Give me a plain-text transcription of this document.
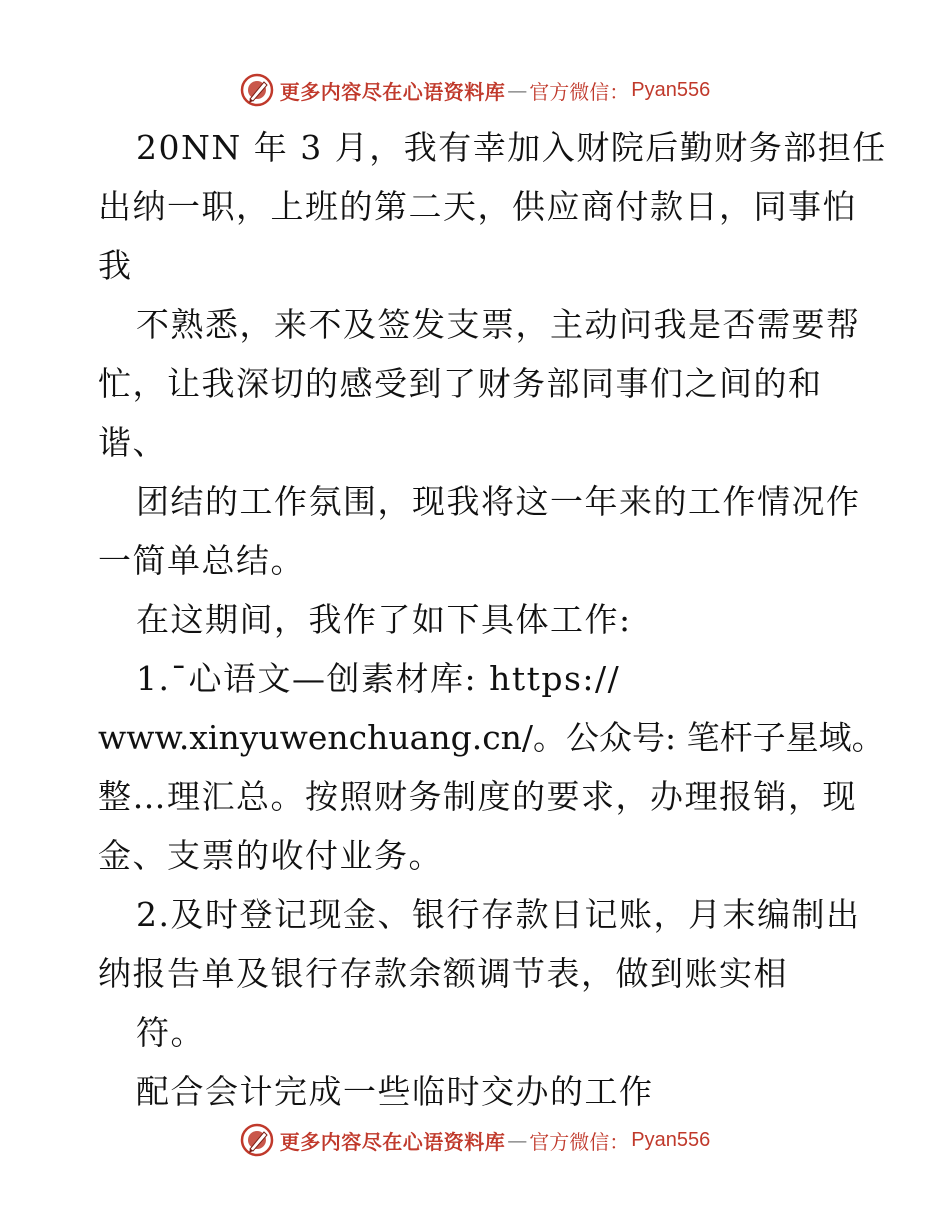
更多内容尽在心语资料库 — 官方微信： Pyan556
20NN 年 3 月，我有幸加入财院后勤财务部担任
出纳一职，上班的第二天，供应商付款日，同事怕
我
不熟悉，来不及签发支票，主动问我是否需要帮
忙，让我深切的感受到了财务部同事们之间的和
谐、
团结的工作氛围，现我将这一年来的工作情况作
一简单总结。
在这期间，我作了如下具体工作:
1.¯心语文—创素材库: https://
www.xinyuwenchuang.cn/。公众号: 笔杆子星域。
整…理汇总。按照财务制度的要求，办理报销，现
金、支票的收付业务。
2.及时登记现金、银行存款日记账，月末编制出
纳报告单及银行存款余额调节表，做到账实相
符。
配合会计完成一些临时交办的工作
更多内容尽在心语资料库 — 官方微信： Pyan556
